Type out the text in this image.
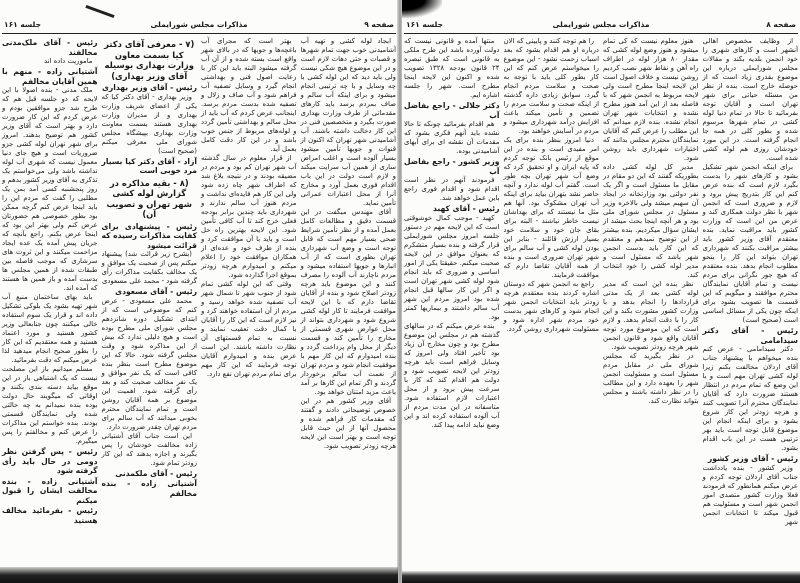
صفحه ۹
مذاکرات مجلس شورایملی
جلسه ۱۶۱

ایجاد لوله کشی و تهیه آب آشامیدنی خوب جهت تمام شهرها و قصبات و حتی دهات لازم است و در این موضوع هیچ شکی نیست ولی باید دید که این لوله کشی با چه وسایل و با چه ترتیبی انجام میشود و برای اینکه آب سالم و صاف بمردم برسد باید کارهای مقدماتی از طرف وزارت بهداری صورت بگیرد و متخصصین فنی در این کار دخالت داشته باشند. آب آشامیدنی شهر تهران که اکنون از قنوات و جویها تأمین میشود بسیار آلوده است و اغلب امراض ساری از همین آب سرایت میکند و لازم است دولت در این باب اقدام فوری بعمل آورد و مخارج آنرا از محل اعتبارات عمرانی تأمین نماید.

آقای مهندس میگفت در این قسمت دقیق و مطالعات کامل بعمل آمده و از نظر تأمین شرایط صحی بسیار مهم است که قابل توجه است و وضع آب شهرداری تهران بطوری است که از آب انبارها و جویها استفاده میشود و مردم ناچارند آب آلوده را مصرف کنند و این موضوع باید هرچه زودتر اصلاح شود و بنده از آقایان تقاضا دارم که با این لایحه موافقت فرمایند تا کار لوله کشی شروع شود و شهرداری بتواند از محل عوارض شهری قسمتی از مخارج را تأمین کند و قسمت دیگر از محل وام پرداخت گردد و بنده امیدوارم که این کار مهم با موفقیت انجام شود و مردم تهران از نعمت آب سالم برخوردار گردند و اگر تمام این کارها بر آمد باعث مزید امتنان خواهد بود.

آقای وزیر کشور هم در این خصوص توضیحاتی دادند و گفتند که مقدمات کار فراهم شده و محصول آنها از این حیث قابل توجه است و بهتر است این لایحه هرچه زودتر تصویب شود.

بهتر است که مجرای آب باغچه‌ها و جویها که در بالای شهر واقع است بسته شده و از آن آب گرفته میشود البته باید این کار با رعایت اصول فنی و بهداشتی انجام گیرد و وسایل تصفیه آب فراهم شود و آب صاف و زلال و تصفیه شده بدست مردم برسد. اینجانب عرض کردم که آب باید از محل سالم و بهداشتی تأمین گردد و لوله‌های مربوط از جنس خوب باشد و در این کار دقت کامل بعمل آید.

از قرار معلوم در سال گذشته آب شهر تهران کم بود و مردم در مضیقه بودند و در نتیجه بلاغ شد که اطراف شهر چاه زده شود ولی این کار هم فایده‌ای نداشت و مردم هنوز آب سالم ندارند و شهرداری باید چندین برابر بودجه فعلی خرج کند تا آب کافی تأمین شود. این لایحه بهترین راه حل است و باید با آن موافقت کرد و بنده از طرف خود و عده‌ای از همکاران موافقت خود را اعلام میکنم و امیدوارم هرچه زودتر بموقع اجرا گذارده شود.

وقتی که این لوله کشی تمام شود از جنوب شهر تا شمال شهر آب تصفیه شده خواهد رسید و مردم از آن استفاده خواهند کرد و نیز لازم است که این کار را آقایان با کمال دقت تعقیب نمایند و نسبت به تمام قسمتهای آن نظارت داشته باشند. این است عرض بنده و امیدوارم آقایان توجه فرمایند که این کار مهم برای تمام مردم تهران نفع دارد.

(۷ - معرفی آقای دکتر کیا بسمت معاون وزارت بهداری بوسیله آقای وزیر بهداری)
رئیس - آقای وزیر بهداری

وزیر بهداری - آقای دکتر کیا که یکی از اعضای شریف وزارت بهداری و از مدیران وزارت بهداری هستند بسمت معاونت وزارت بهداری بپیشگاه مجلس شورای ملی معرفی میکنم (صحیح است)

آزاد - آقای دکتر کیا بسیار مرد خوبی است
(۸ - بقیه مذاکره در گزارش لوله کشی شهر تهران و تصویب آن)
رئیس - پیشنهادی برای کفایت مذاکرات رسیده که قرائت میشود

(بشرح زیر قرائت شد) پیشنهاد میکنم پس از صحبت یک موافق و یک مخالف بکفایت مذاکرات رأی گرفته شود - محمد علی مسعودی

رئیس - آقای مسعودی

محمد علی مسعودی - عرض کنم که موضوعی است که از ابتدای تشکیل دوره شانزدهم مجلس شورای ملی مطرح بوده است و هیچ دلیلی ندارد که بیش از این مذاکره شود و وقت مجلس گرفته شود. حالا که این موضوع مطرح است بنظر بنده کافی است که یک نفر موافق و یک نفر مخالف صحبت کند و بعد رأی گرفته شود. اهمیت این موضوع بر همه آقایان روشن است و تمام نمایندگان محترم بخوبی میدانند که آب سالم برای مردم تهران چقدر ضرورت دارد.

این است جناب آقای آشتیانی زاده مخالفت خودشان را پس بگیرند و اجازه بدهند که این کار زودتر تمام شود.

رئیس - آقای ملکمدنی
آشتیانی زاده - بنده مخالفم
رئیس - آقای ملک‌مدنی مخالفند

ماموریت داده اند

آشتیانی زاده - منهم با همین آقایان مخالفم

ملک مدنی - بنده اصولا با این لایحه که دو جلسه قبل هم که طرح شد جزو موافقین بودم و عرض کردم که این کار ضرورت دارد و بهتر است که آقای وزیر کشور هم توضیح بدهند. امروز برای شهر تهران لوله کشی جزو ضروریات است و هیچ جای دنیا معمول نیست که شهری آب لوله نداشته باشد ولی می‌خواستم یک تذکری به آقای وزیر کشور بدهم و روز پنجشنبه کسی آمد بمن یک مطلبی را گفت که مردم این را باید اینجا عرض کنم گرچه ممکن بود بطور خصوصی هم حضورتان عرض کنم ولی بهتر این بود که اینجا عرض بکنم. راجع بآنچه که جریان پیش آمده یک عده ایجاد مزاحمت میکنند و این ثروت های سرشاری که موجب فاصله بین طبقات شده از همین مجلس ها بدست آمده و باز همین ها هستند که آمده اند.

باید بهای ساختمان منبع آب شهر تهیه بشود یک بلوکی تشکیل داده اند و قرار یک سوم استفاده خالی میکنند چون جنابعالی وزیر کشور هستید و مورد اعتماد هستید و همه معتقدیم که این کار را بطور صحیح انجام میدهید لذا عرض میکنم که دقت بفرمائید.

مسلم میدانیم باز این مصلحت نیست که یک اشتباهی باز در این موقع بیاید دسته بندی بکنند و اوقاتی که میگویند حال دولت بوده بنده نمیدانم به چه حالتی شده ولی نمایندگان قسمتی بودند. بنده خواستم این مذاکرات را عرض کنم و مخالفتم را پس میگیرم.

رئیس - پس گرفتن نظر دومی در حال باید رأی گرفته شود
آشتیانی زاده - بنده مخالفت ایشان را قبول میکنم
رئیس - بفرمائید مخالف هستید
صفحه ۸
مذاکرات مجلس شورایملی
جلسه ۱۶۱

از وظایف مخصوص اهالی آنشهر است و کارهای شهری را خود انجمن بلدیه بکند و مقالات مجلس شورایملی درباره این موضوع بقدری زیاد است که از حوصله خارج است. بنده از نظر من مسئله حیاتی برای شهر تهران است و آقایان توجه بفرمائید تا حالا در تمام دنیا لوله کشی در تمام شهرها مرسوم شده و بطور کلی در همه جا انجام گرفته است. در این مورد خودشان روزی هم لوله کشی شده است.

برای اینکه انجمن شهر تشکیل بشود و کارهای شهر را بدست بگیرد لازم است که بنده عرض کنم این کار بتدریج پیش برود و لازم و ضروری است که انجمن شهر با نظر دولت همکاری کند و عرض من این است که وزارت کشور باید مراقبت نماید. بنده معتقدم آقای وزیر کشور باید بیشتر مراقبت بکنند که شهرداری تهران بتواند این کار را بنحو مطلوب انجام بدهد. بنده معتقدم که هیچ جور نگرانی برای مردم نیست و تمام آقایان نمایندگان محترم موافقند و میگویم که این قسمت ها تصویب بشود برای اینکه چون یکی از مسائل اساسی است (صحیح است)

رئیس - آقای دکتر سیدامامی

دکتر سیدامامی - عرض کنم بنده میخواهم با پیشنهاد جناب آقای اردلان مخالفت بکنم زیرا لوله کشی تهران مهم است و با این وضع که تمام مردم در انتظار هستند ضرورت دارد که آقایان نمایندگان محترم آنرا تصویب کنند و هرچه زودتر این کار شروع بشود و برای اینکه انجام این موضوع قابل توجه است باید بهر ترتیبی هست در این باب اقدام بشود.

رئیس - آقای وزیر کشور

وزیر کشور - بنده یادداشت جناب آقای اردلان توجه کردم و عرض میکنم همانطور که فرمودند فعلا وزارت کشور متصدی امور انجمن شهر است و مسئولیت هم قبول میکند تا انتخابات انجمن شهر

هنوز معلوم نیست که کی تمام میشود و هنوز وضع لوله کشی که مقدار ۸۰ هزار لوله در اطراف راه آهن و نقاط شهر نصب کردیم روشن نیست و خلاف اصول است این لایحه اینجا مطرح است ولی لایحه مربوط به انجمن شهر که با فاصله بعد از این آمد هنوز مطرح نشده و انتخابات شهر تهران انجام نشده. بنده لازم میدانم که این مطلب را عرض کنم که آقایان نمایندگان محترم مجلس بدانند که اختیارات شهرداری باید روشن شود.

مدیر کل لوله کشی داده بطوریکه گفتند که این دو مقام در مقابل ما مسئول است و اگر یک نفر دولتی بود وزارتخانه در ایجاد آن سهیم میشد ولی بالاخره وزیر مسئول در مجلس شورای ملی بود و هر آنچه اینجا بحث میشد از ایشان سؤال میکردیم. بنده بیشتر از این توضیح نمیدهم و معتقدم که این کار باید بدست انجمن شهر باشد که مسئول است و مدیر لوله کشی را خود انتخاب کند.

نظر بنده این است که مدیر لوله کشی بعد از یک مدتی قراردادها را انجام بدهد و با وزارت کشور مشورت بکند و این کار را با دقت انجام بدهد. و لازم است که این موضوع مورد توجه آقایان واقع شود و قانون انجمن شهر هرچه زودتر تصویب شود.

در نظر بگیرید که مجلس شورای ملی در مقابل مردم مسئول است و مسئولیت انجمن شهر را بعهده دارد و این مطالب را در نظر داشته باشند و مجلس بتواند نظارت کند.

را هم توجه کنند و پایینی که الان درباره او هم اقدام بشود که بعد اسباب زحمت نشود - این موضوع را میخواستم عرض کنم که این کار بطور کلی باید با توجه به صحت و سلامت مردم انجام گیرد. سوابق زیادی داره گذشته از اینکه صحت و سلامت مردم را تضمین و تأمین میکند باعث افزایش درآمد شهرداری میشود و مردم در آسایش خواهند بود.

دنیا امروز بنظر بنده برای یک امر مفیدی است و بنده در این موقع از رئیس بانک توجه کردم که پایه ایران و او تحقیق کرد که وضع آب شهر تهران بچه طور است. گفتم آب لوله ندارد و آنچه حاضر نشد بتهران بیاید برای اینکه آب تهران مشکوک بود. آنها هم مثل ما نیستند که برای بهداشان نیست خاطر نباشند - البته برای بقای جان خود و سلامت خود بسیار ارزش قائلند - بنابر این بودن لوله کشی و آب سالم برای شهر تهران ضروری است و بنده از همه آقایان تقاضا دارم که موافقت فرمایند.

راجع به انجمن شهر که دوستان اشاره کردند بنده معتقدم هرچه زودتر باید انتخابات انجمن شهر انجام شود و کارهای شهر بدست خود مردم شهر اداره شود و مسئولیت شهرداری روشن گردد.

منتها آمده و قانونی نیست که دولت آورده باشد این طرح ملکی به قانونی است که طبق تبصره ۲۴ قانون بودجه ۱۳۲۸ تصویب شده و اکنون این لایحه اینجا مطرح است. شهر را جلسه اشاره ایم.

دکتر جلالی - راجع بفاضل آب

هم اقدام بفرمائید چونکه تا حالا نشده باید آنهم فکری بشود که مقدمات آن نقشه ای برای آبهای آشامیدنی بوده.

وزیر کشور - راجع بفاضل آب

فرمودند آنهم در نظر است اقدام شود و اقدام فوری راجع باین عمل خواهد شد.

رئیس - آقای کهبد

کهبد - موجب کمال خوشوقتی است که این لایحه مهم در دستور جلسه امروز مجلس شورایملی قرار گرفته و بنده بسیار متشکرم که بعنوان موافق در این لایحه صحبت میکنم. حقیقتا یکی از امور اساسی و ضروری که باید انجام شود لوله کشی شهر تهران است و اگر این کار سالها قبل انجام شده بود امروز مردم این شهر آب سالم داشتند و بیماریها کمتر بود.

بنده عرض میکنم که در سالهای گذشته هم در مجلس این موضوع مطرح بود و چون مخارج آن زیاد بود تأخیر افتاد ولی امروز که وسایل فراهم است باید هرچه زودتر این لایحه تصویب شود و دولت هم اقدام کند که کار با سرعت پیش برود و از محل اعتبارات لازم استفاده شود. متاسفانه در این مدت مردم از آب آلوده استفاده کرده اند و این وضع نباید ادامه پیدا کند.
